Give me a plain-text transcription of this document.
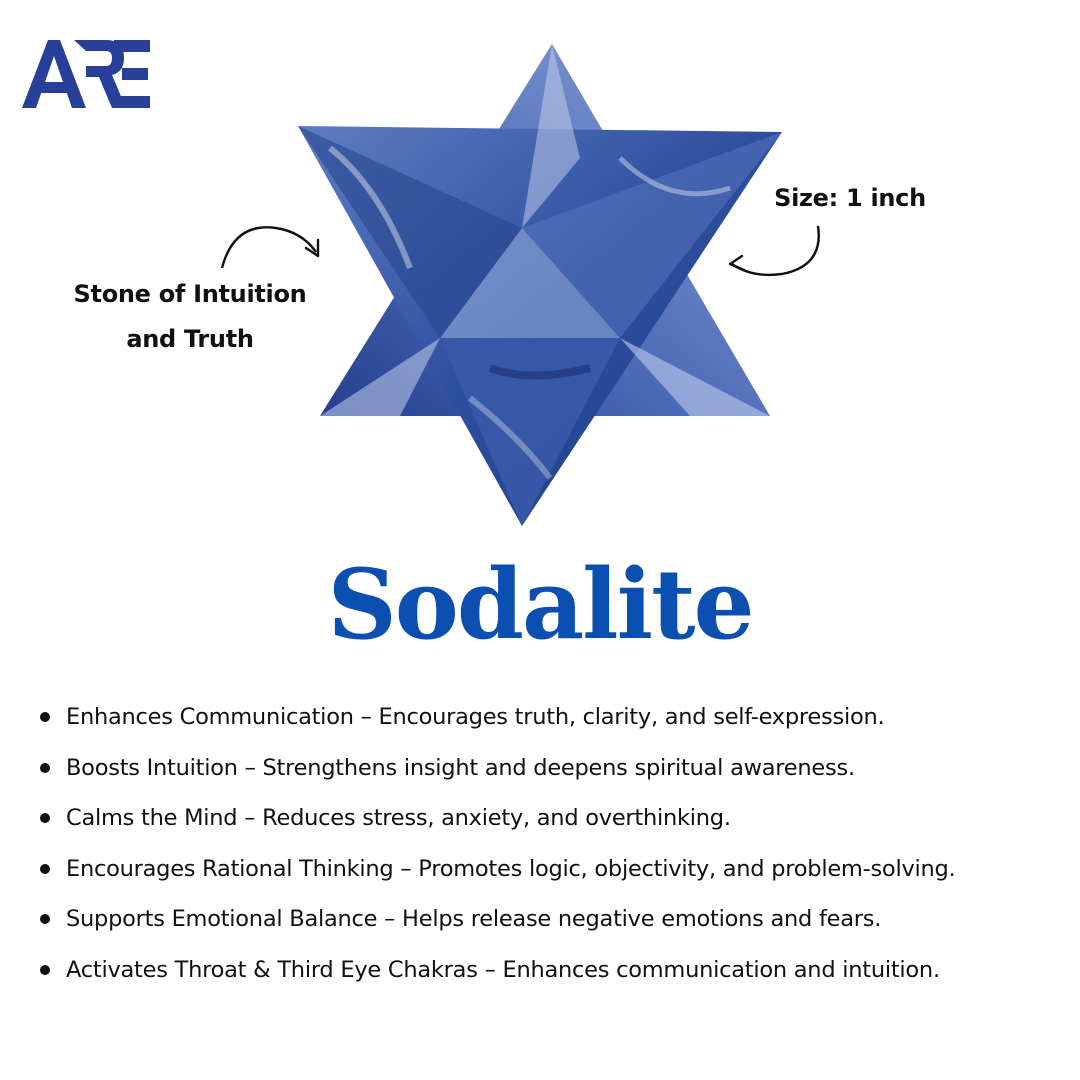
Stone of Intuition
and Truth
Size: 1 inch
Sodalite
Enhances Communication – Encourages truth, clarity, and self-expression.
Boosts Intuition – Strengthens insight and deepens spiritual awareness.
Calms the Mind – Reduces stress, anxiety, and overthinking.
Encourages Rational Thinking – Promotes logic, objectivity, and problem-solving.
Supports Emotional Balance – Helps release negative emotions and fears.
Activates Throat & Third Eye Chakras – Enhances communication and intuition.
